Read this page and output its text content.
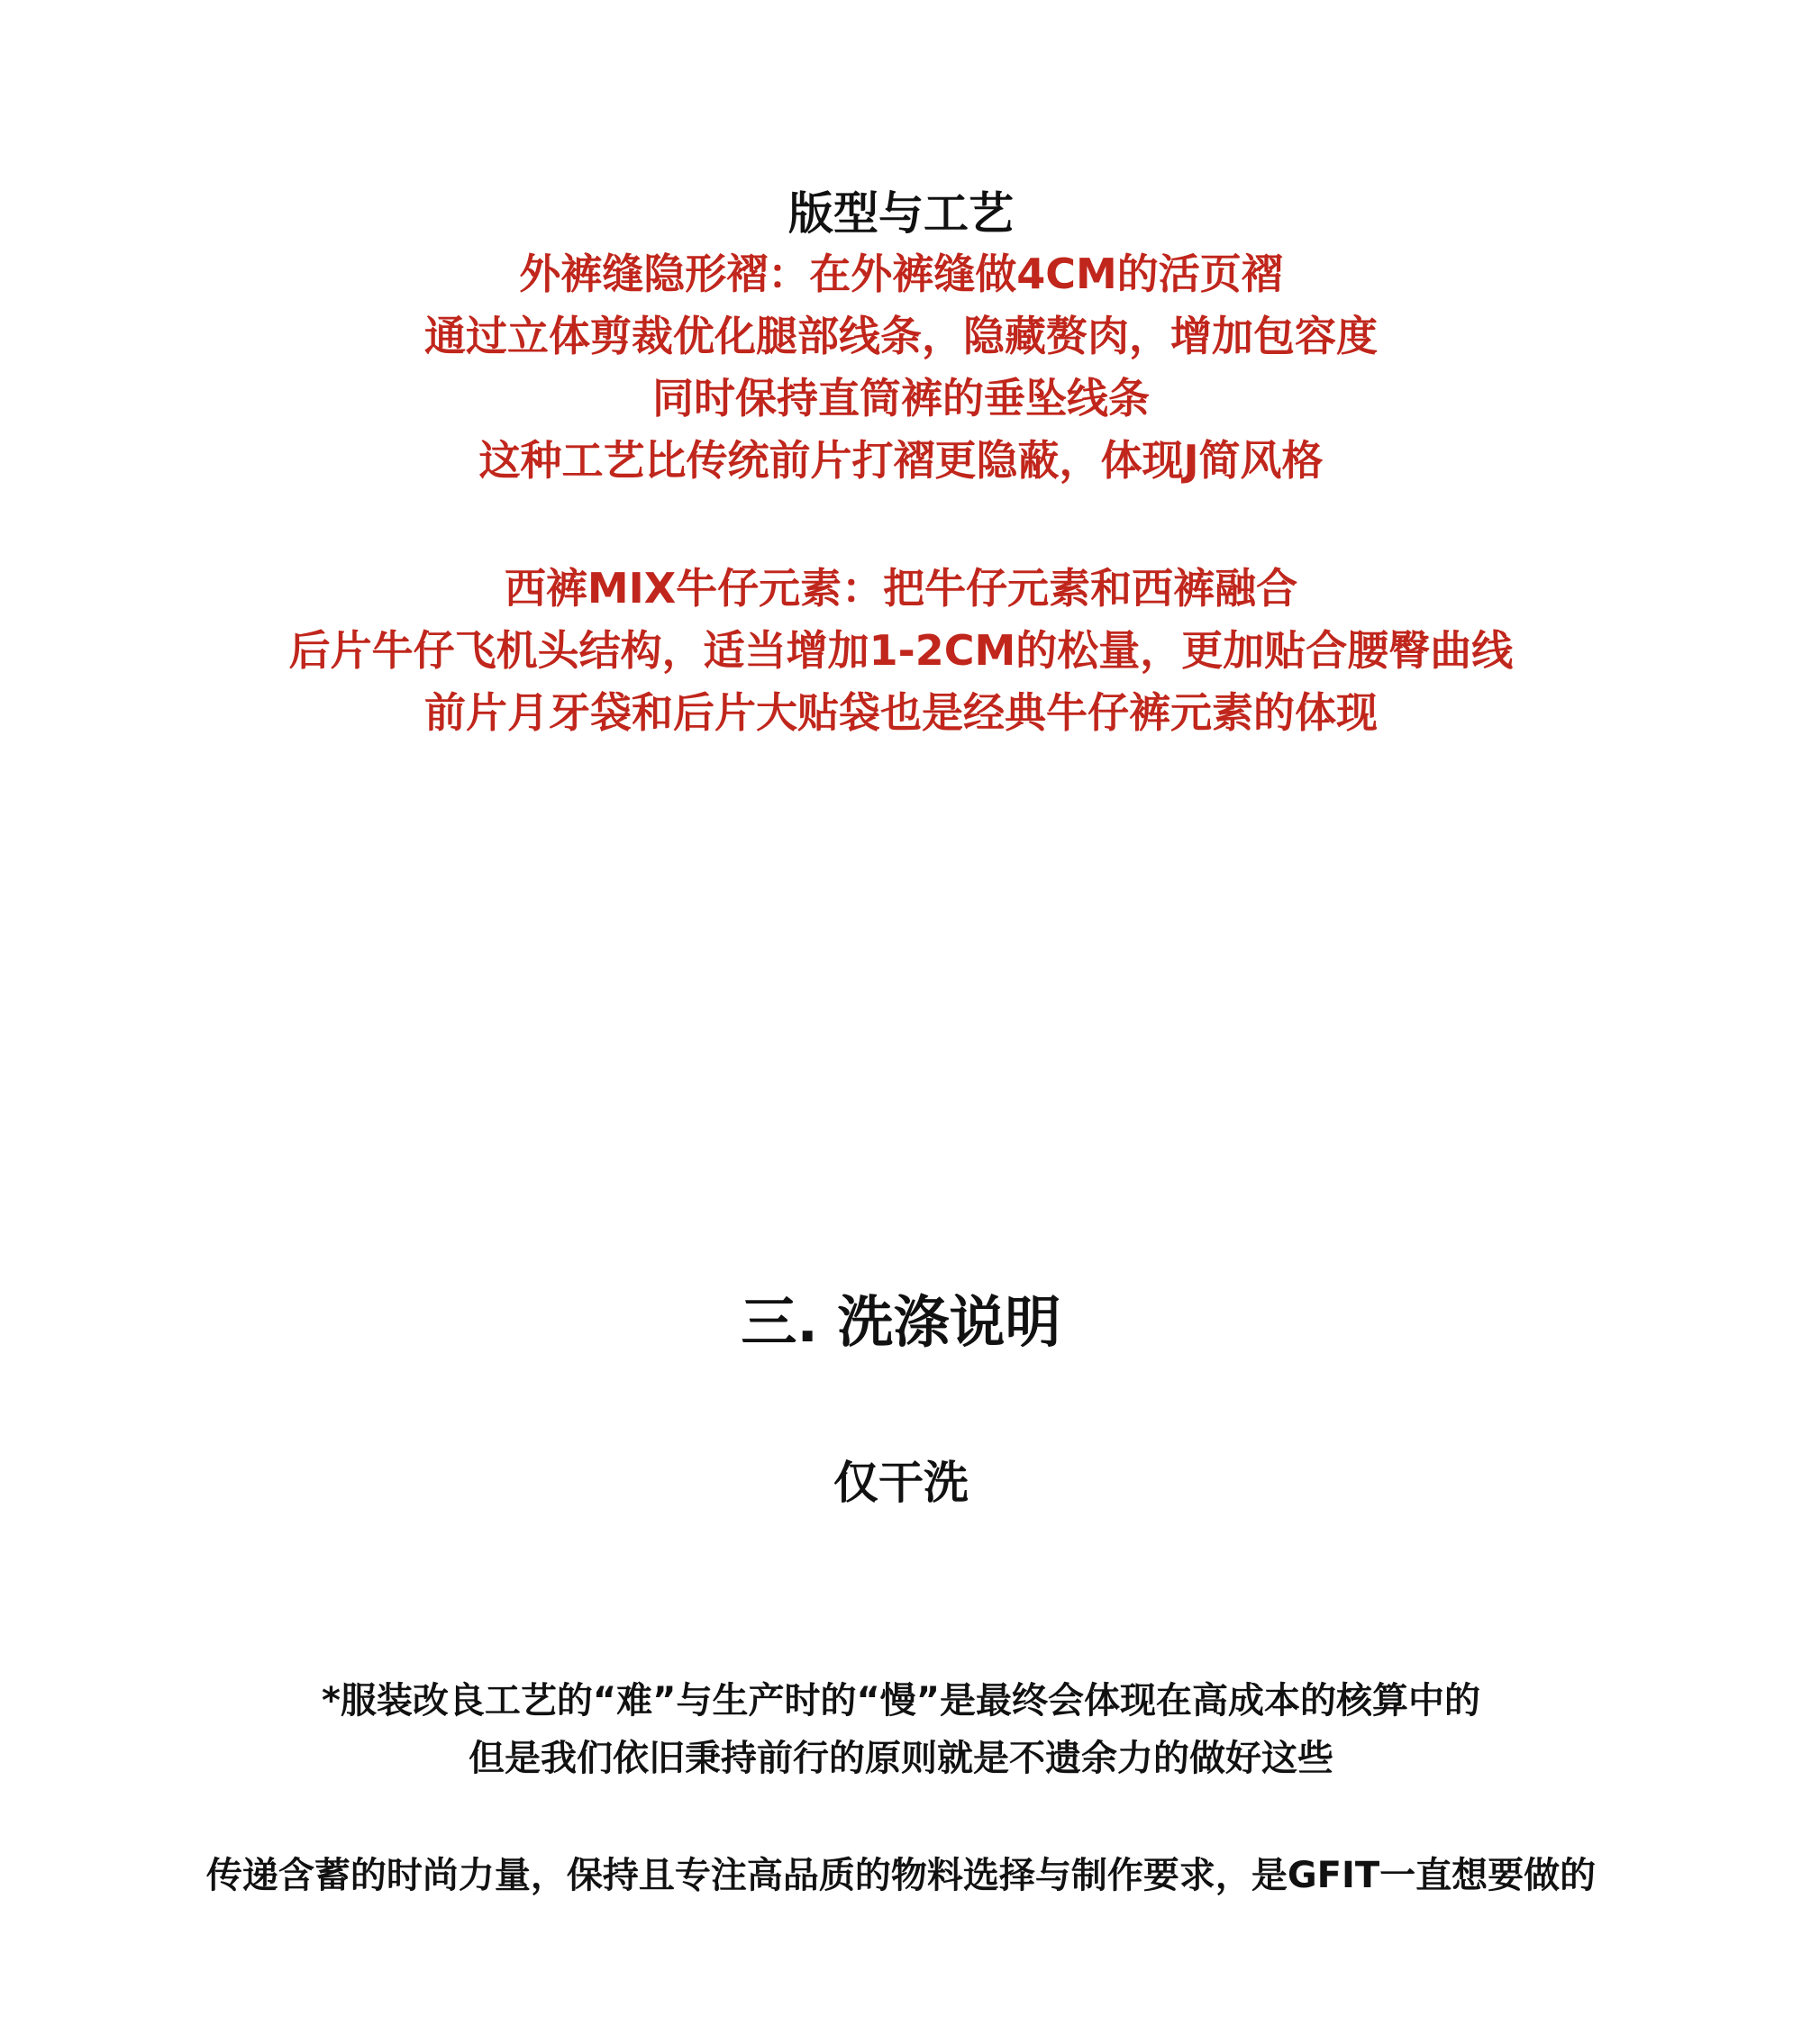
版型与工艺
外裤缝隐形褶：在外裤缝做4CM的活页褶
通过立体剪裁优化腿部线条，隐藏赘肉，增加包容度
同时保持直筒裤的垂坠线条
这种工艺比传统前片打褶更隐蔽，体现J简风格
西裤MIX牛仔元素：把牛仔元素和西裤融合
后片牛仔飞机头结构，适当增加1-2CM的松量，更加贴合腰臀曲线
前片月牙袋和后片大贴袋也是经典牛仔裤元素的体现
三. 洗涤说明
仅干洗
*服装改良工艺的“难”与生产时的“慢”是最终会体现在高成本的核算中的
但是我们依旧秉持前行的原则就是不遗余力的做好这些
传递含蓄的时尚力量，保持且专注高品质的物料选择与制作要求，是GFIT一直想要做的
